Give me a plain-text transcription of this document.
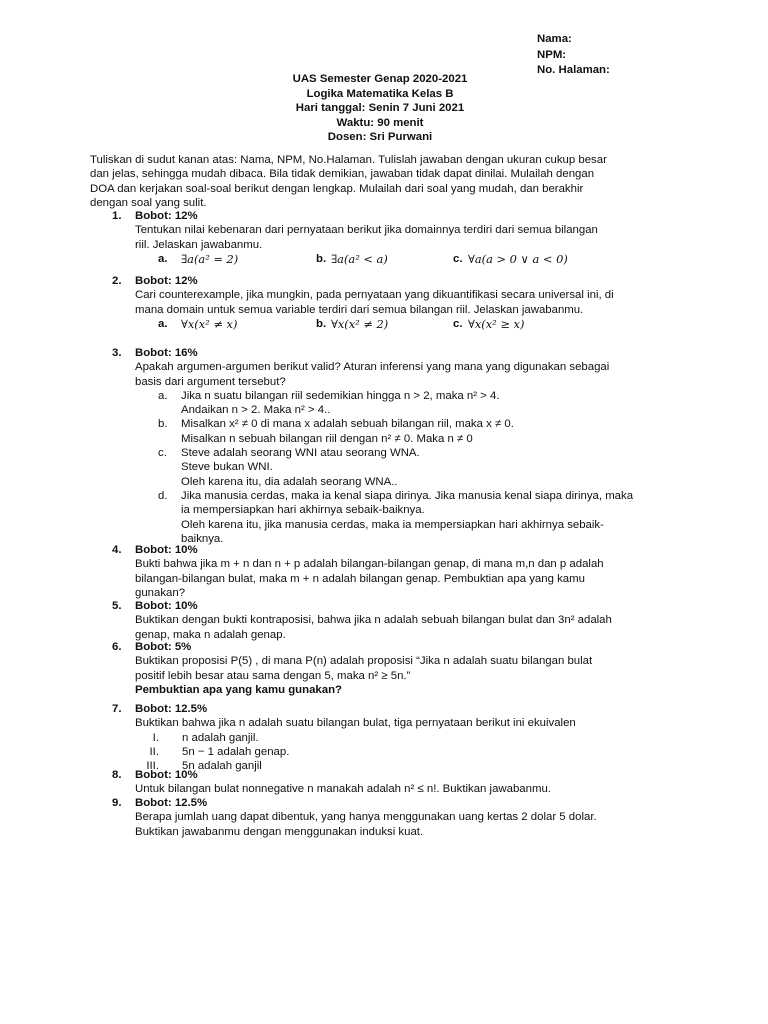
Nama:
NPM:
No. Halaman:
UAS Semester Genap 2020-2021
Logika Matematika Kelas B
Hari tanggal: Senin 7 Juni 2021
Waktu: 90 menit
Dosen: Sri Purwani
Tuliskan di sudut kanan atas: Nama, NPM, No.Halaman. Tulislah jawaban dengan ukuran cukup besar
dan jelas, sehingga mudah dibaca. Bila tidak demikian, jawaban tidak dapat dinilai. Mulailah dengan
DOA dan kerjakan soal-soal berikut dengan lengkap. Mulailah dari soal yang mudah, dan berakhir
dengan soal yang sulit.
1. Bobot: 12%
Tentukan nilai kebenaran dari pernyataan berikut jika domainnya terdiri dari semua bilangan
riil. Jelaskan jawabanmu.
a. ∃a(a² = 2)	b. ∃a(a² < a)	c. ∀a(a > 0 ∨ a < 0)
2. Bobot: 12%
Cari counterexample, jika mungkin, pada pernyataan yang dikuantifikasi secara universal ini, di
mana domain untuk semua variable terdiri dari semua bilangan riil. Jelaskan jawabanmu.
a. ∀x(x² ≠ x)	b. ∀x(x² ≠ 2)	c. ∀x(x² ≥ x)
3. Bobot: 16%
Apakah argumen-argumen berikut valid? Aturan inferensi yang mana yang digunakan sebagai
basis dari argument tersebut?
a. Jika n suatu bilangan riil sedemikian hingga n > 2, maka n² > 4.
Andaikan n > 2. Maka n² > 4..
b. Misalkan x² ≠ 0 di mana x adalah sebuah bilangan riil, maka x ≠ 0.
Misalkan n sebuah bilangan riil dengan n² ≠ 0. Maka n ≠ 0
c. Steve adalah seorang WNI atau seorang WNA.
Steve bukan WNI.
Oleh karena itu, dia adalah seorang WNA..
d. Jika manusia cerdas, maka ia kenal siapa dirinya. Jika manusia kenal siapa dirinya, maka
ia mempersiapkan hari akhirnya sebaik-baiknya.
Oleh karena itu, jika manusia cerdas, maka ia mempersiapkan hari akhirnya sebaik-
baiknya.
4. Bobot: 10%
Bukti bahwa jika m + n dan n + p adalah bilangan-bilangan genap, di mana m,n dan p adalah
bilangan-bilangan bulat, maka m + n adalah bilangan genap. Pembuktian apa yang kamu
gunakan?
5. Bobot: 10%
Buktikan dengan bukti kontraposisi, bahwa jika n adalah sebuah bilangan bulat dan 3n² adalah
genap, maka n adalah genap.
6. Bobot: 5%
Buktikan proposisi P(5) , di mana P(n) adalah proposisi “Jika n adalah suatu bilangan bulat
positif lebih besar atau sama dengan 5, maka n² ≥ 5n.”
Pembuktian apa yang kamu gunakan?
7. Bobot: 12.5%
Buktikan bahwa jika n adalah suatu bilangan bulat, tiga pernyataan berikut ini ekuivalen
I. n adalah ganjil.
II. 5n − 1 adalah genap.
III. 5n adalah ganjil
8. Bobot: 10%
Untuk bilangan bulat nonnegative n manakah adalah n² ≤ n!. Buktikan jawabanmu.
9. Bobot: 12.5%
Berapa jumlah uang dapat dibentuk, yang hanya menggunakan uang kertas 2 dolar 5 dolar.
Buktikan jawabanmu dengan menggunakan induksi kuat.
